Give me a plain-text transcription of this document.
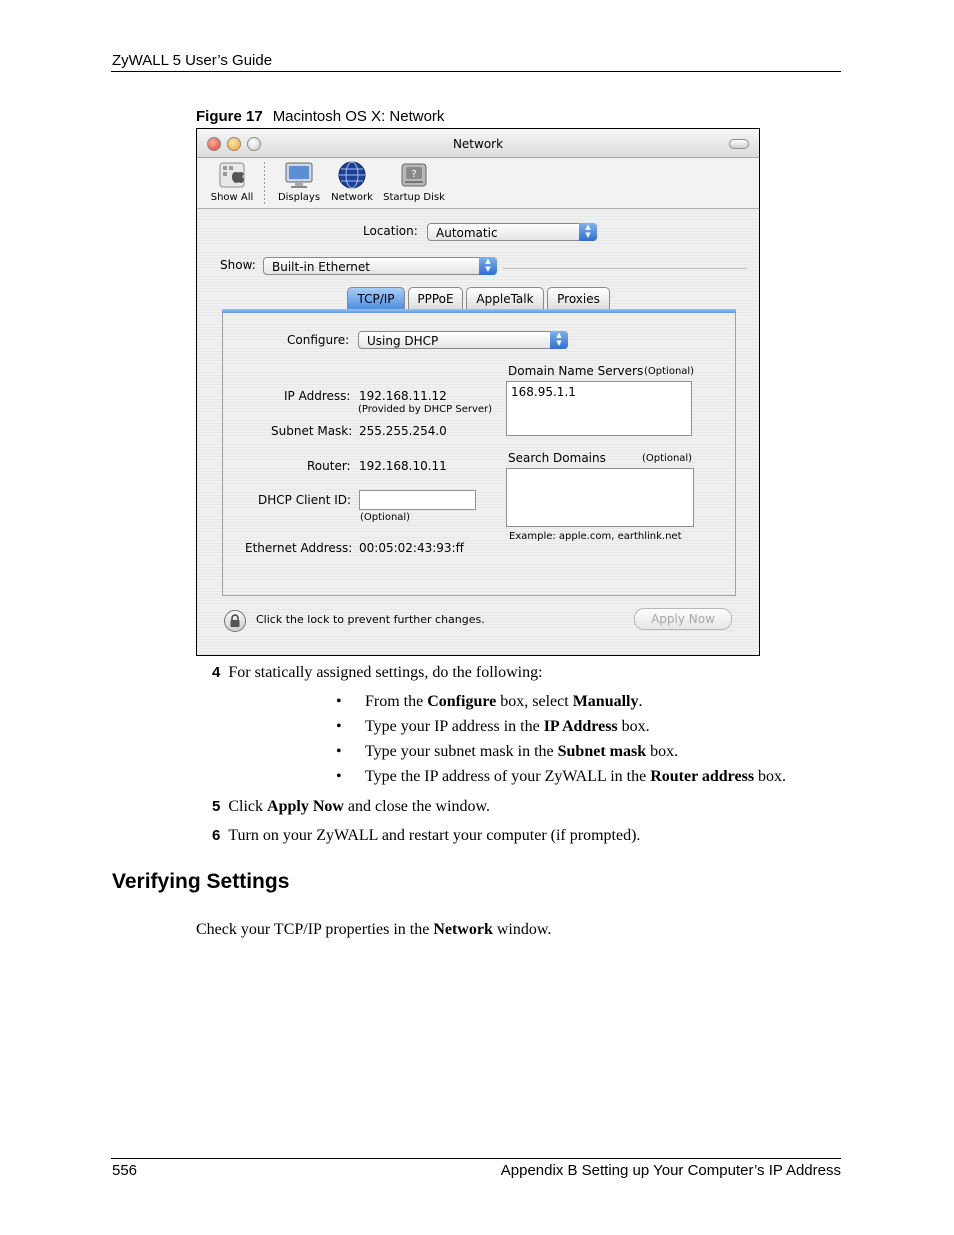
ZyWALL 5 User’s Guide
Figure 17 Macintosh OS X: Network
Network
Show All	Displays	Network
?
Startup Disk
Location:	Automatic	▲
▼
Show:	Built-in Ethernet	▲
▼
TCP/IP	PPPoE	AppleTalk	Proxies
Configure:	Using DHCP	▲
▼
IP Address: 192.168.11.12
(Provided by DHCP Server)
Subnet Mask: 255.255.254.0
Router: 192.168.10.11
DHCP Client ID:
(Optional)
Ethernet Address: 00:05:02:43:93:ff
Domain Name Servers (Optional)
168.95.1.1
Search Domains	(Optional)
Example: apple.com, earthlink.net
Click the lock to prevent further changes.	Apply Now
4 For statically assigned settings, do the following:
• From the Configure box, select Manually.
• Type your IP address in the IP Address box.
• Type your subnet mask in the Subnet mask box.
• Type the IP address of your ZyWALL in the Router address box.
5 Click Apply Now and close the window.
6 Turn on your ZyWALL and restart your computer (if prompted).
Verifying Settings
Check your TCP/IP properties in the Network window.
556	Appendix B Setting up Your Computer’s IP Address
